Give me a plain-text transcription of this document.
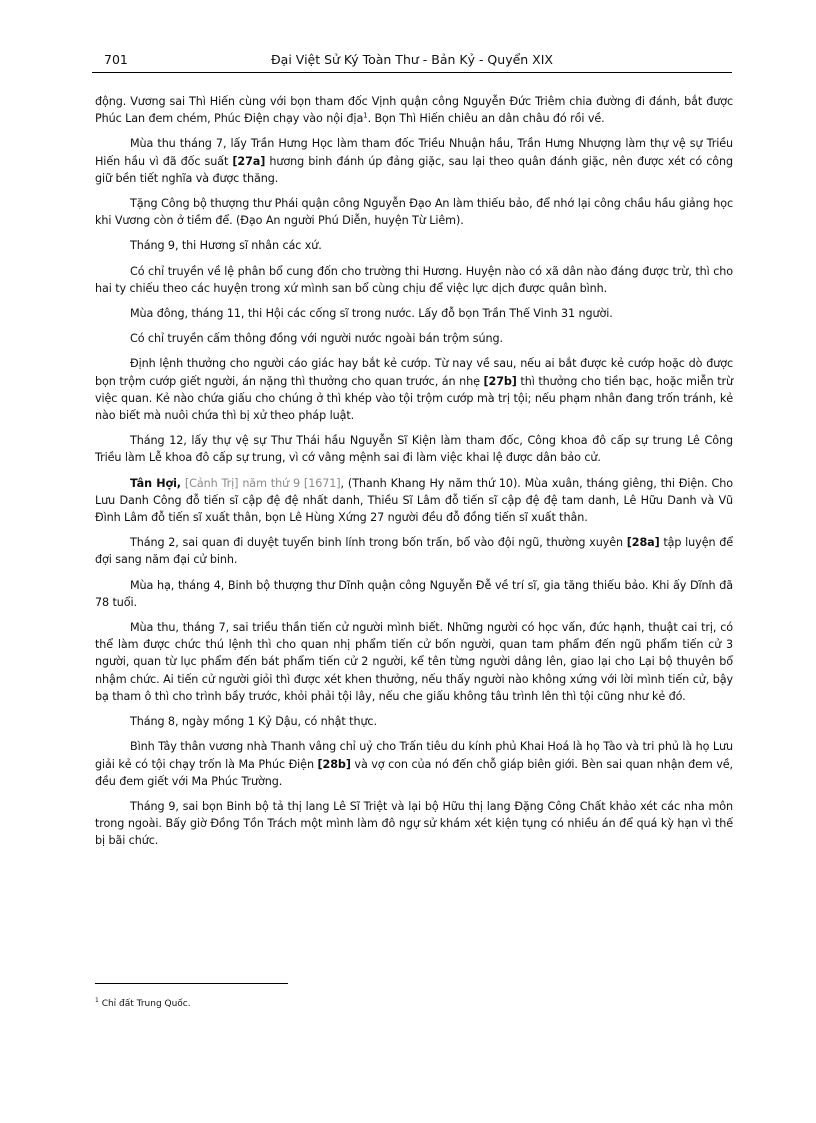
701	Đại Việt Sử Ký Toàn Thư - Bản Kỷ - Quyển XIX

động. Vương sai Thì Hiến cùng với bọn tham đốc Vịnh quận công Nguyễn Đức Triêm chia đường đi đánh, bắt được Phúc Lan đem chém, Phúc Điện chạy vào nội địa$^1$. Bọn Thì Hiến chiêu an dân châu đó rồi về.

Mùa thu tháng 7, lấy Trần Hưng Học làm tham đốc Triều Nhuận hầu, Trần Hưng Nhượng làm thự vệ sự Triều Hiến hầu vì đã đốc suất [27a] hương binh đánh úp đảng giặc, sau lại theo quân đánh giặc, nên được xét có công giữ bền tiết nghĩa và được thăng.

Tặng Công bộ thượng thư Phái quận công Nguyễn Đạo An làm thiếu bảo, để nhớ lại công chầu hầu giảng học khi Vương còn ở tiềm để. (Đạo An người Phú Diễn, huyện Từ Liêm).

Tháng 9, thi Hương sĩ nhân các xứ.

Có chỉ truyền về lệ phân bổ cung đốn cho trường thi Hương. Huyện nào có xã dân nào đáng được trừ, thì cho hai ty chiếu theo các huyện trong xứ mình san bổ cùng chịu để việc lực dịch được quân bình.

Mùa đông, tháng 11, thi Hội các cống sĩ trong nước. Lấy đỗ bọn Trần Thế Vinh 31 người.

Có chỉ truyền cấm thông đồng với người nước ngoài bán trộm súng.

Định lệnh thưởng cho người cáo giác hay bắt kẻ cướp. Từ nay về sau, nếu ai bắt được kẻ cướp hoặc dò được bọn trộm cướp giết người, án nặng thì thưởng cho quan trước, án nhẹ [27b] thì thưởng cho tiền bạc, hoặc miễn trừ việc quan. Kẻ nào chứa giấu cho chúng ở thì khép vào tội trộm cướp mà trị tội; nếu phạm nhân đang trốn tránh, kẻ nào biết mà nuôi chứa thì bị xử theo pháp luật.

Tháng 12, lấy thự vệ sự Thư Thái hầu Nguyễn Sĩ Kiện làm tham đốc, Công khoa đô cấp sự trung Lê Công Triều làm Lễ khoa đô cấp sự trung, vì cớ vâng mệnh sai đi làm việc khai lệ được dân bảo cử.

Tân Hợi, [Cảnh Trị] năm thứ 9 [1671], (Thanh Khang Hy năm thứ 10). Mùa xuân, tháng giêng, thi Điện. Cho Lưu Danh Công đỗ tiến sĩ cập đệ đệ nhất danh, Thiều Sĩ Lâm đỗ tiến sĩ cập đệ đệ tam danh, Lê Hữu Danh và Vũ Đình Lâm đỗ tiến sĩ xuất thân, bọn Lê Hùng Xứng 27 người đều đỗ đồng tiến sĩ xuất thân.

Tháng 2, sai quan đi duyệt tuyển binh lính trong bốn trấn, bổ vào đội ngũ, thường xuyên [28a] tập luyện để đợi sang năm đại cử binh.

Mùa hạ, tháng 4, Binh bộ thượng thư Dĩnh quận công Nguyễn Đễ về trí sĩ, gia tăng thiếu bảo. Khi ấy Dĩnh đã 78 tuổi.

Mùa thu, tháng 7, sai triều thần tiến cử người mình biết. Những người có học vấn, đức hạnh, thuật cai trị, có thể làm được chức thú lệnh thì cho quan nhị phẩm tiến cử bốn người, quan tam phẩm đến ngũ phẩm tiến cử 3 người, quan từ lục phẩm đến bát phẩm tiến cử 2 người, kể tên từng người dâng lên, giao lại cho Lại bộ thuyên bổ nhậm chức. Ai tiến cử người giỏi thì được xét khen thưởng, nếu thấy người nào không xứng với lời mình tiến cử, bậy bạ tham ô thì cho trình bầy trước, khỏi phải tội lây, nếu che giấu không tâu trình lên thì tội cũng như kẻ đó.

Tháng 8, ngày mồng 1 Kỷ Dậu, có nhật thực.

Bình Tây thân vương nhà Thanh vâng chỉ uỷ cho Trấn tiêu du kính phủ Khai Hoá là họ Tào và tri phủ là họ Lưu giải kẻ có tội chạy trốn là Ma Phúc Điện [28b] và vợ con của nó đến chỗ giáp biên giới. Bèn sai quan nhận đem về, đều đem giết với Ma Phúc Trường.

Tháng 9, sai bọn Binh bộ tả thị lang Lê Sĩ Triệt và lại bộ Hữu thị lang Đặng Công Chất khảo xét các nha môn trong ngoài. Bấy giờ Đồng Tồn Trách một mình làm đô ngự sử khám xét kiện tụng có nhiều án để quá kỳ hạn vì thế bị bãi chức.

$^1$ Chỉ đất Trung Quốc.
